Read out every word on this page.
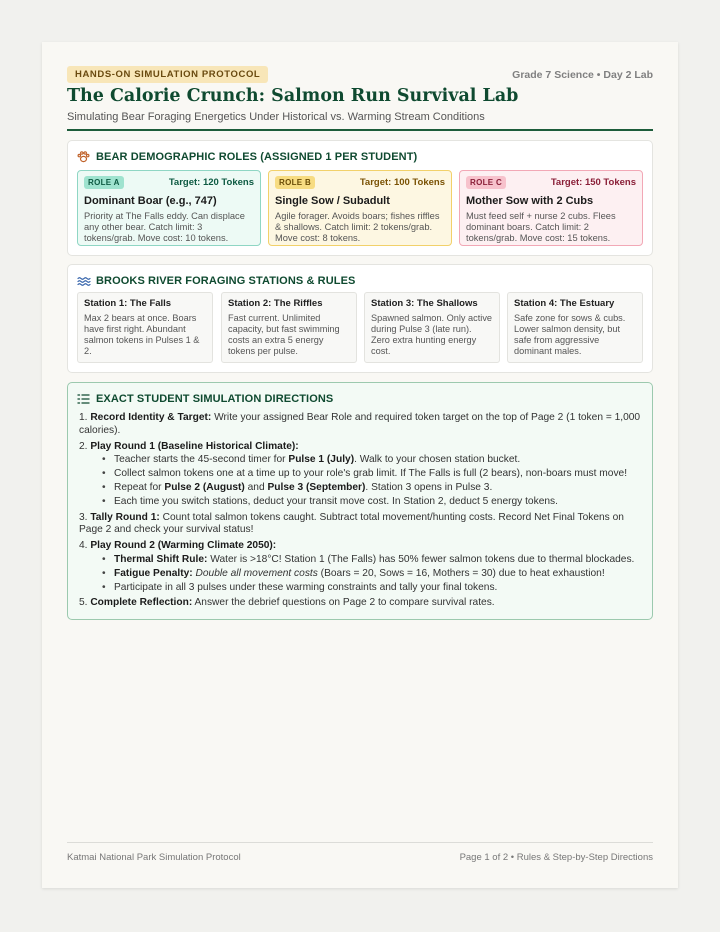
HANDS-ON SIMULATION PROTOCOL	Grade 7 Science • Day 2 Lab
The Calorie Crunch: Salmon Run Survival Lab
Simulating Bear Foraging Energetics Under Historical vs. Warming Stream Conditions
BEAR DEMOGRAPHIC ROLES (ASSIGNED 1 PER STUDENT)
ROLE A	Target: 120 Tokens
Dominant Boar (e.g., 747)
Priority at The Falls eddy. Can displace any other bear. Catch limit: 3 tokens/grab. Move cost: 10 tokens.
ROLE B	Target: 100 Tokens
Single Sow / Subadult
Agile forager. Avoids boars; fishes riffles & shallows. Catch limit: 2 tokens/grab. Move cost: 8 tokens.
ROLE C	Target: 150 Tokens
Mother Sow with 2 Cubs
Must feed self + nurse 2 cubs. Flees dominant boars. Catch limit: 2 tokens/grab. Move cost: 15 tokens.
BROOKS RIVER FORAGING STATIONS & RULES
Station 1: The Falls
Max 2 bears at once. Boars have first right. Abundant salmon tokens in Pulses 1 & 2.
Station 2: The Riffles
Fast current. Unlimited capacity, but fast swimming costs an extra 5 energy tokens per pulse.
Station 3: The Shallows
Spawned salmon. Only active during Pulse 3 (late run). Zero extra hunting energy cost.
Station 4: The Estuary
Safe zone for sows & cubs. Lower salmon density, but safe from aggressive dominant males.
EXACT STUDENT SIMULATION DIRECTIONS
1. Record Identity & Target: Write your assigned Bear Role and required token target on the top of Page 2 (1 token = 1,000 calories).
2. Play Round 1 (Baseline Historical Climate):
• Teacher starts the 45-second timer for Pulse 1 (July). Walk to your chosen station bucket.
• Collect salmon tokens one at a time up to your role's grab limit. If The Falls is full (2 bears), non-boars must move!
• Repeat for Pulse 2 (August) and Pulse 3 (September). Station 3 opens in Pulse 3.
• Each time you switch stations, deduct your transit move cost. In Station 2, deduct 5 energy tokens.
3. Tally Round 1: Count total salmon tokens caught. Subtract total movement/hunting costs. Record Net Final Tokens on Page 2 and check your survival status!
4. Play Round 2 (Warming Climate 2050):
• Thermal Shift Rule: Water is >18°C! Station 1 (The Falls) has 50% fewer salmon tokens due to thermal blockades.
• Fatigue Penalty: Double all movement costs (Boars = 20, Sows = 16, Mothers = 30) due to heat exhaustion!
• Participate in all 3 pulses under these warming constraints and tally your final tokens.
5. Complete Reflection: Answer the debrief questions on Page 2 to compare survival rates.
Katmai National Park Simulation Protocol	Page 1 of 2 • Rules & Step-by-Step Directions
